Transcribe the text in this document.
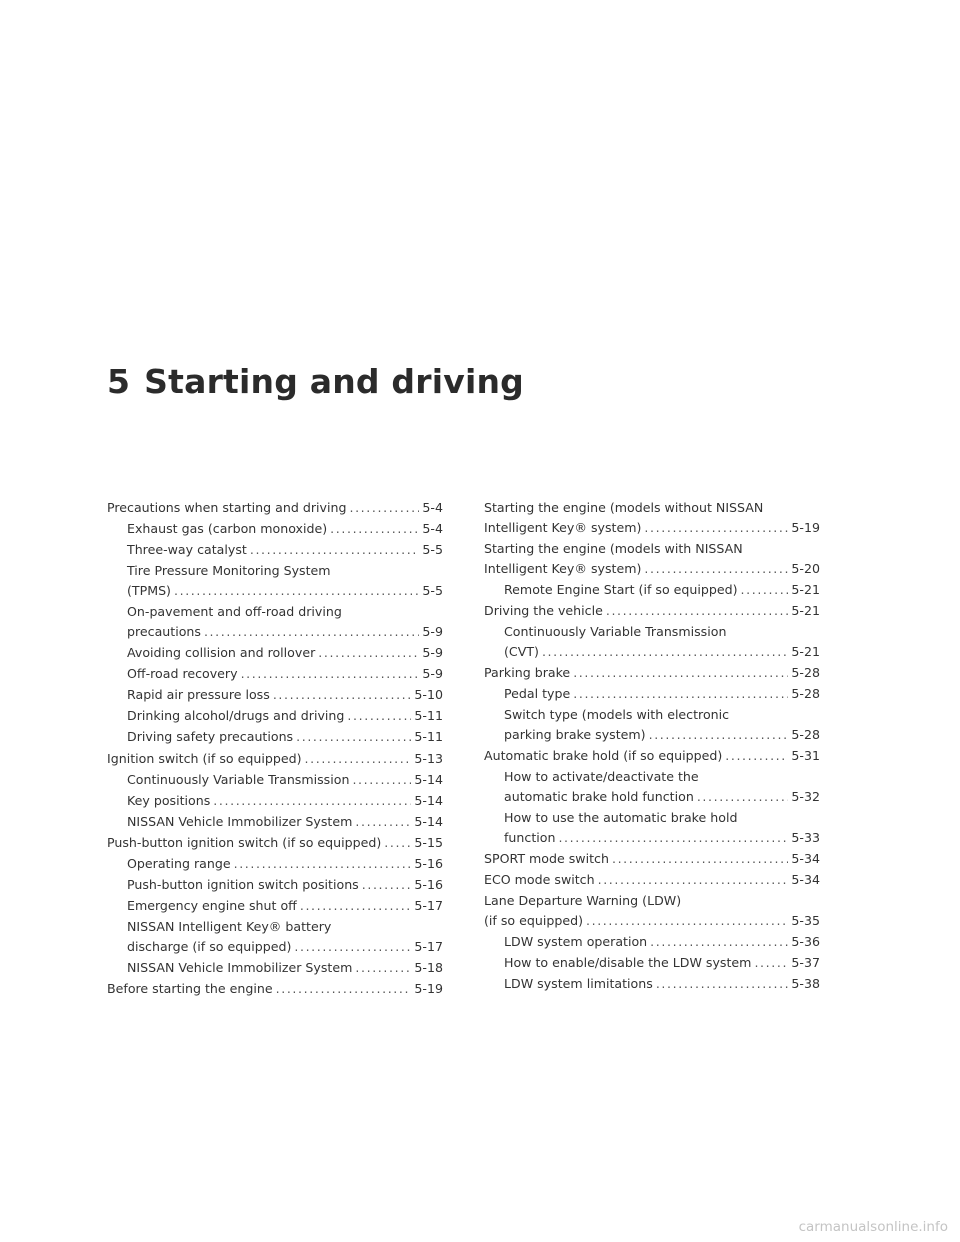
5 Starting and driving
Precautions when starting and driving .....	5-4
Exhaust gas (carbon monoxide) .....	5-4
Three-way catalyst .....	5-5
Tire Pressure Monitoring System
(TPMS) .....	5-5
On-pavement and off-road driving
precautions .....	5-9
Avoiding collision and rollover .....	5-9
Off-road recovery .....	5-9
Rapid air pressure loss .....	5-10
Drinking alcohol/drugs and driving .....	5-11
Driving safety precautions .....	5-11
Ignition switch (if so equipped) .....	5-13
Continuously Variable Transmission .....	5-14
Key positions .....	5-14
NISSAN Vehicle Immobilizer System .....	5-14
Push-button ignition switch (if so equipped) .....	5-15
Operating range .....	5-16
Push-button ignition switch positions .....	5-16
Emergency engine shut off .....	5-17
NISSAN Intelligent Key® battery
discharge (if so equipped) .....	5-17
NISSAN Vehicle Immobilizer System .....	5-18
Before starting the engine .....	5-19
Starting the engine (models without NISSAN
Intelligent Key® system) .....	5-19
Starting the engine (models with NISSAN
Intelligent Key® system) .....	5-20
Remote Engine Start (if so equipped) .....	5-21
Driving the vehicle .....	5-21
Continuously Variable Transmission
(CVT) .....	5-21
Parking brake .....	5-28
Pedal type .....	5-28
Switch type (models with electronic
parking brake system) .....	5-28
Automatic brake hold (if so equipped) .....	5-31
How to activate/deactivate the
automatic brake hold function .....	5-32
How to use the automatic brake hold
function .....	5-33
SPORT mode switch .....	5-34
ECO mode switch .....	5-34
Lane Departure Warning (LDW)
(if so equipped) .....	5-35
LDW system operation .....	5-36
How to enable/disable the LDW system .....	5-37
LDW system limitations .....	5-38
carmanualsonline.info
